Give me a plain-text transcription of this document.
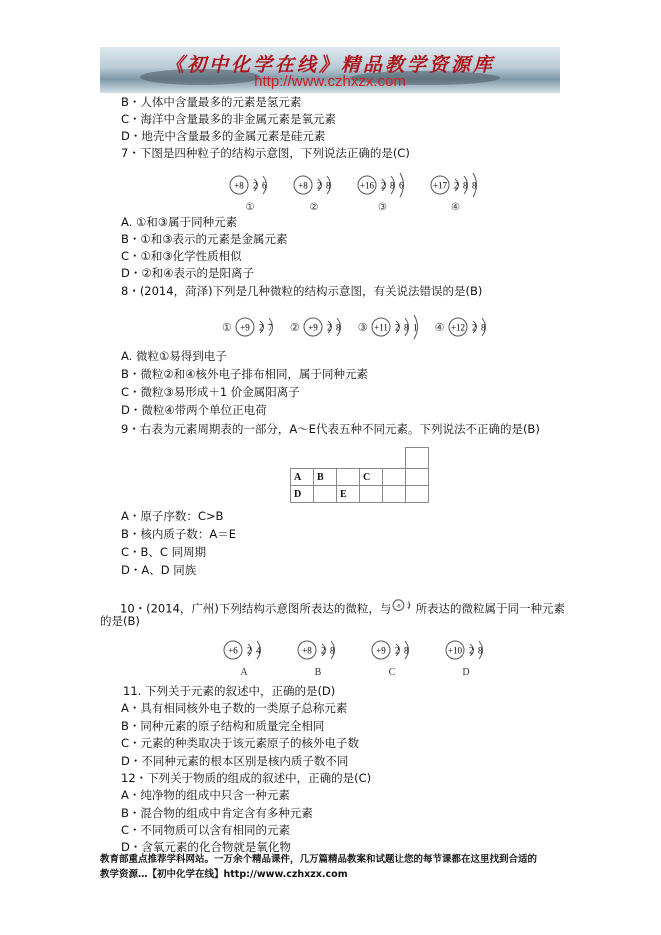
《初中化学在线》精品教学资源库
http://www.czhxzx.com
B・人体中含量最多的元素是氢元素
C・海洋中含量最多的非金属元素是氧元素
D・地壳中含量最多的金属元素是硅元素
7・下图是四种粒子的结构示意图，下列说法正确的是(C)
+8 2 6
①
+8 2 8
②
+16 2 8 6
③
+17 2 8 8
④
A. ①和③属于同种元素
B・①和③表示的元素是金属元素
C・①和③化学性质相似
D・②和④表示的是阳离子
8・(2014，菏泽)下列是几种微粒的结构示意图，有关说法错误的是(B)
① +9 2 7 ② +9 2 8 ③ +11 2 8 1 ④ +12 2 8
A. 微粒①易得到电子
B・微粒②和④核外电子排布相同，属于同种元素
C・微粒③易形成＋1 价金属阳离子
D・微粒④带两个单位正电荷
9・右表为元素周期表的一部分，A～E代表五种不同元素。下列说法不正确的是(B)

A	B		C		
D		E			
A・原子序数：C>B
B・核内质子数：A＝E
C・B、C 同周期
D・A、D 同族
10・(2014，广州)下列结构示意图所表达的微粒，与 -8 2 所表达的微粒属于同一种元素
的是(B)
+6 2 4
A
+8 2 8
B
+9 2 8
C
+10 2 8
D
11. 下列关于元素的叙述中，正确的是(D)
A・具有相同核外电子数的一类原子总称元素
B・同种元素的原子结构和质量完全相同
C・元素的种类取决于该元素原子的核外电子数
D・不同种元素的根本区别是核内质子数不同
12・下列关于物质的组成的叙述中，正确的是(C)
A・纯净物的组成中只含一种元素
B・混合物的组成中肯定含有多种元素
C・不同物质可以含有相同的元素
D・含氧元素的化合物就是氧化物
教育部重点推荐学科网站。一万余个精品课件，几万篇精品教案和试题让您的每节课都在这里找到合适的
教学资源…【初中化学在线】http://www.czhxzx.com
